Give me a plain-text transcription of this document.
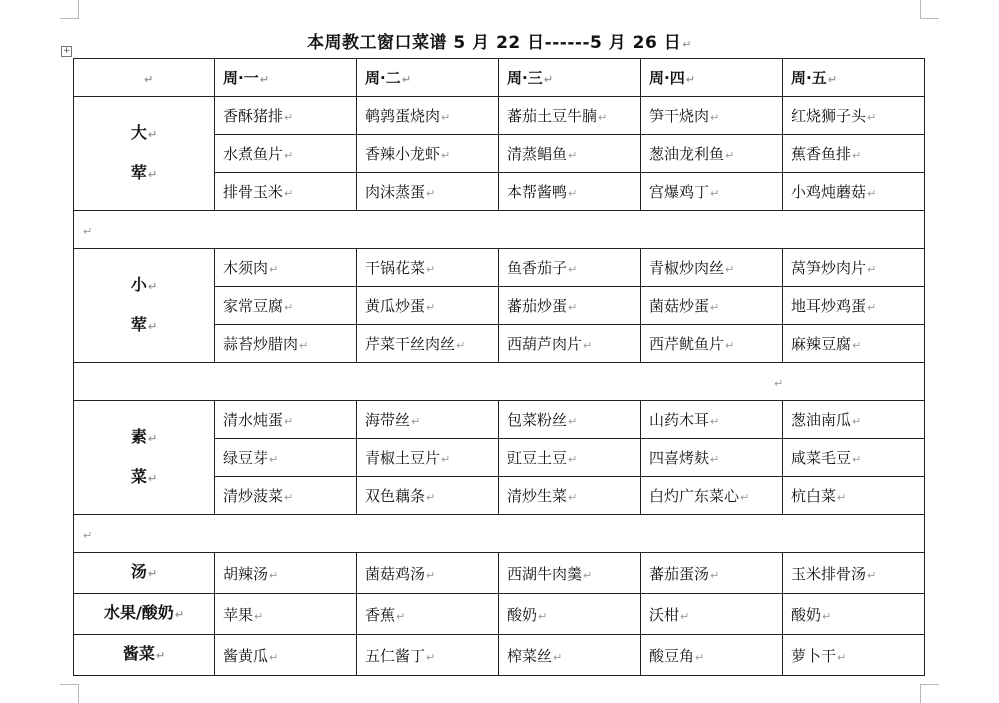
本周教工窗口菜谱 5 月 22 日------5 月 26 日↵
+
↵	周·一↵	周·二↵	周·三↵	周·四↵	周·五↵

大↵
荤↵	香酥猪排↵	鹌鹑蛋烧肉↵	蕃茄土豆牛腩↵	笋干烧肉↵	红烧狮子头↵
	水煮鱼片↵	香辣小龙虾↵	清蒸鲳鱼↵	葱油龙利鱼↵	蕉香鱼排↵
	排骨玉米↵	肉沫蒸蛋↵	本帮酱鸭↵	宫爆鸡丁↵	小鸡炖蘑菇↵
↵					

小↵
荤↵	木须肉↵	干锅花菜↵	鱼香茄子↵	青椒炒肉丝↵	莴笋炒肉片↵
	家常豆腐↵	黄瓜炒蛋↵	蕃茄炒蛋↵	菌菇炒蛋↵	地耳炒鸡蛋↵
	蒜苔炒腊肉↵	芹菜干丝肉丝↵	西葫芦肉片↵	西芹鱿鱼片↵	麻辣豆腐↵
↵					

素↵
菜↵	清水炖蛋↵	海带丝↵	包菜粉丝↵	山药木耳↵	葱油南瓜↵
	绿豆芽↵	青椒土豆片↵	豇豆土豆↵	四喜烤麸↵	咸菜毛豆↵
	清炒菠菜↵	双色藕条↵	清炒生菜↵	白灼广东菜心↵	杭白菜↵
↵					
汤↵	胡辣汤↵	菌菇鸡汤↵	西湖牛肉羹↵	蕃茄蛋汤↵	玉米排骨汤↵
水果/酸奶↵	苹果↵	香蕉↵	酸奶↵	沃柑↵	酸奶↵
酱菜↵	酱黄瓜↵	五仁酱丁↵	榨菜丝↵	酸豆角↵	萝卜干↵
